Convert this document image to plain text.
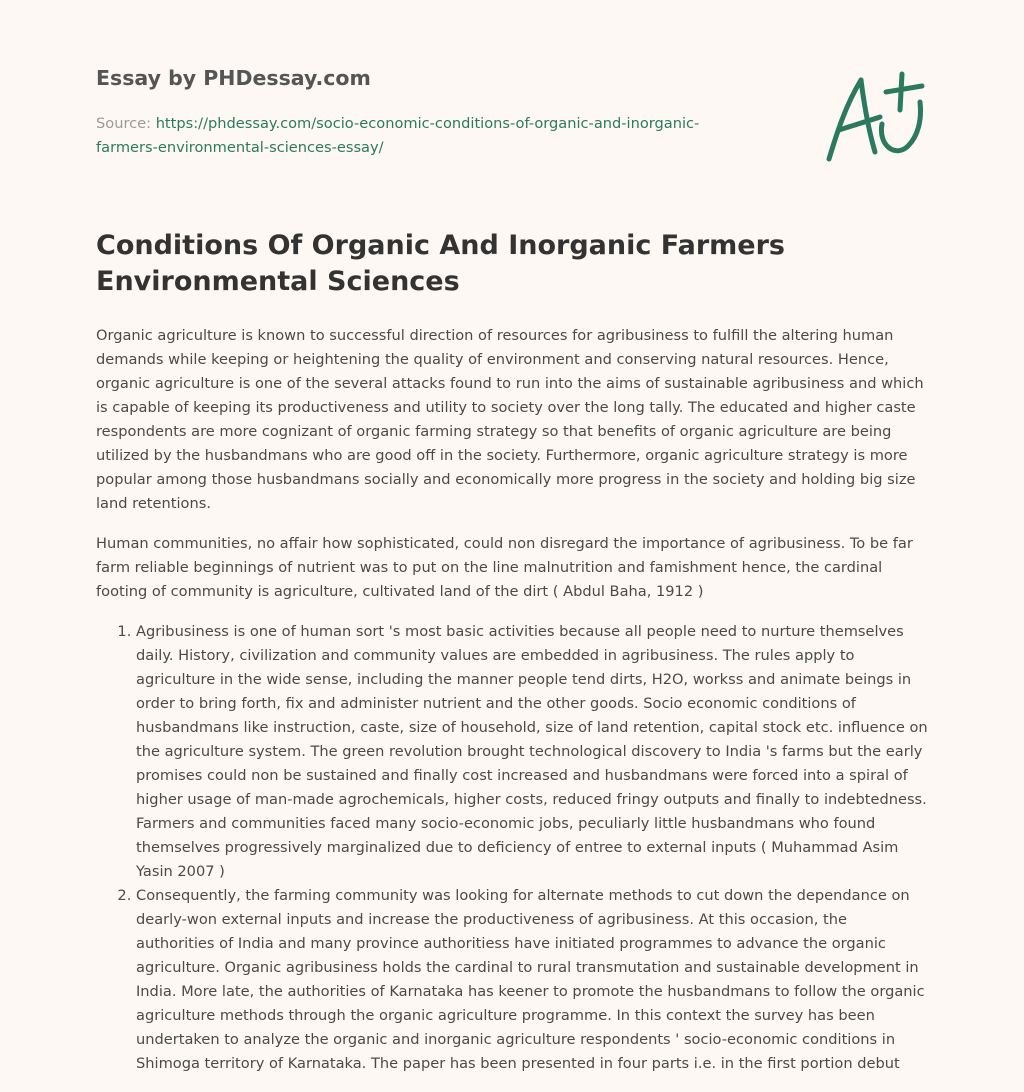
Essay by PHDessay.com

Source: https://phdessay.com/socio-economic-conditions-of-organic-and-inorganic-
farmers-environmental-sciences-essay/

Conditions Of Organic And Inorganic Farmers Environmental Sciences

Organic agriculture is known to successful direction of resources for agribusiness to fulfill the altering human demands while keeping or heightening the quality of environment and conserving natural resources. Hence, organic agriculture is one of the several attacks found to run into the aims of sustainable agribusiness and which is capable of keeping its productiveness and utility to society over the long tally. The educated and higher caste respondents are more cognizant of organic farming strategy so that benefits of organic agriculture are being utilized by the husbandmans who are good off in the society. Furthermore, organic agriculture strategy is more popular among those husbandmans socially and economically more progress in the society and holding big size land retentions.

Human communities, no affair how sophisticated, could non disregard the importance of agribusiness. To be far farm reliable beginnings of nutrient was to put on the line malnutrition and famishment hence, the cardinal footing of community is agriculture, cultivated land of the dirt ( Abdul Baha, 1912 )

1. Agribusiness is one of human sort 's most basic activities because all people need to nurture themselves daily. History, civilization and community values are embedded in agribusiness. The rules apply to agriculture in the wide sense, including the manner people tend dirts, H2O, workss and animate beings in order to bring forth, fix and administer nutrient and the other goods. Socio economic conditions of husbandmans like instruction, caste, size of household, size of land retention, capital stock etc. influence on the agriculture system. The green revolution brought technological discovery to India 's farms but the early promises could non be sustained and finally cost increased and husbandmans were forced into a spiral of higher usage of man-made agrochemicals, higher costs, reduced fringy outputs and finally to indebtedness. Farmers and communities faced many socio-economic jobs, peculiarly little husbandmans who found themselves progressively marginalized due to deficiency of entree to external inputs ( Muhammad Asim Yasin 2007 )
2. Consequently, the farming community was looking for alternate methods to cut down the dependance on dearly-won external inputs and increase the productiveness of agribusiness. At this occasion, the authorities of India and many province authoritiess have initiated programmes to advance the organic agriculture. Organic agribusiness holds the cardinal to rural transmutation and sustainable development in India. More late, the authorities of Karnataka has keener to promote the husbandmans to follow the organic agriculture methods through the organic agriculture programme. In this context the survey has been undertaken to analyze the organic and inorganic agriculture respondents ' socio-economic conditions in Shimoga territory of Karnataka. The paper has been presented in four parts i.e. in the first portion debut
